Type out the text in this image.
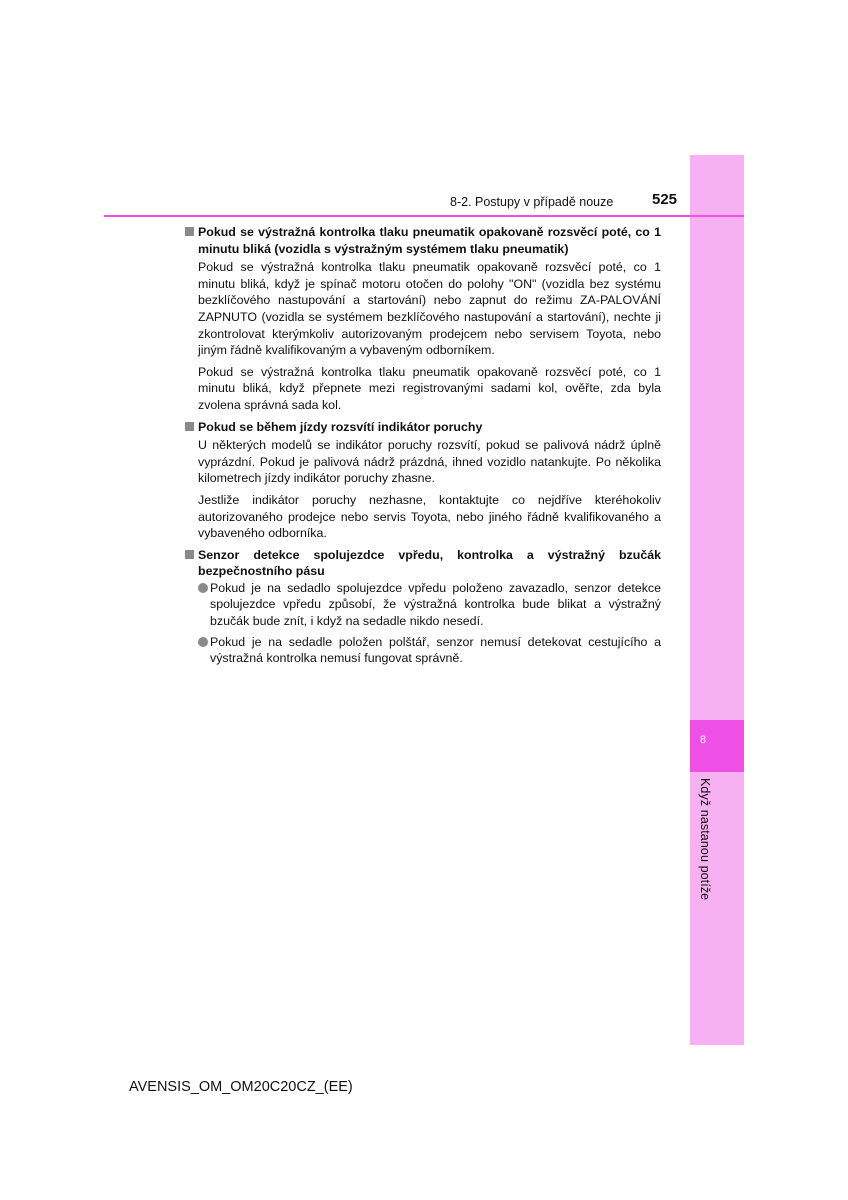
8
Když nastanou potíže
8-2. Postupy v případě nouze	525
Pokud se výstražná kontrolka tlaku pneumatik opakovaně rozsvěcí poté, co 1 minutu bliká (vozidla s výstražným systémem tlaku pneumatik)
Pokud se výstražná kontrolka tlaku pneumatik opakovaně rozsvěcí poté, co 1 minutu bliká, když je spínač motoru otočen do polohy "ON" (vozidla bez systému bezklíčového nastupování a startování) nebo zapnut do režimu ZA-PALOVÁNÍ ZAPNUTO (vozidla se systémem bezklíčového nastupování a startování), nechte ji zkontrolovat kterýmkoliv autorizovaným prodejcem nebo servisem Toyota, nebo jiným řádně kvalifikovaným a vybaveným odborníkem.
Pokud se výstražná kontrolka tlaku pneumatik opakovaně rozsvěcí poté, co 1 minutu bliká, když přepnete mezi registrovanými sadami kol, ověřte, zda byla zvolena správná sada kol.
Pokud se během jízdy rozsvítí indikátor poruchy
U některých modelů se indikátor poruchy rozsvítí, pokud se palivová nádrž úplně vyprázdní. Pokud je palivová nádrž prázdná, ihned vozidlo natankujte. Po několika kilometrech jízdy indikátor poruchy zhasne.
Jestliže indikátor poruchy nezhasne, kontaktujte co nejdříve kteréhokoliv autorizovaného prodejce nebo servis Toyota, nebo jiného řádně kvalifikovaného a vybaveného odborníka.
Senzor detekce spolujezdce vpředu, kontrolka a výstražný bzučák bezpečnostního pásu
Pokud je na sedadlo spolujezdce vpředu položeno zavazadlo, senzor detekce spolujezdce vpředu způsobí, že výstražná kontrolka bude blikat a výstražný bzučák bude znít, i když na sedadle nikdo nesedí.
Pokud je na sedadle položen polštář, senzor nemusí detekovat cestujícího a výstražná kontrolka nemusí fungovat správně.
AVENSIS_OM_OM20C20CZ_(EE)
